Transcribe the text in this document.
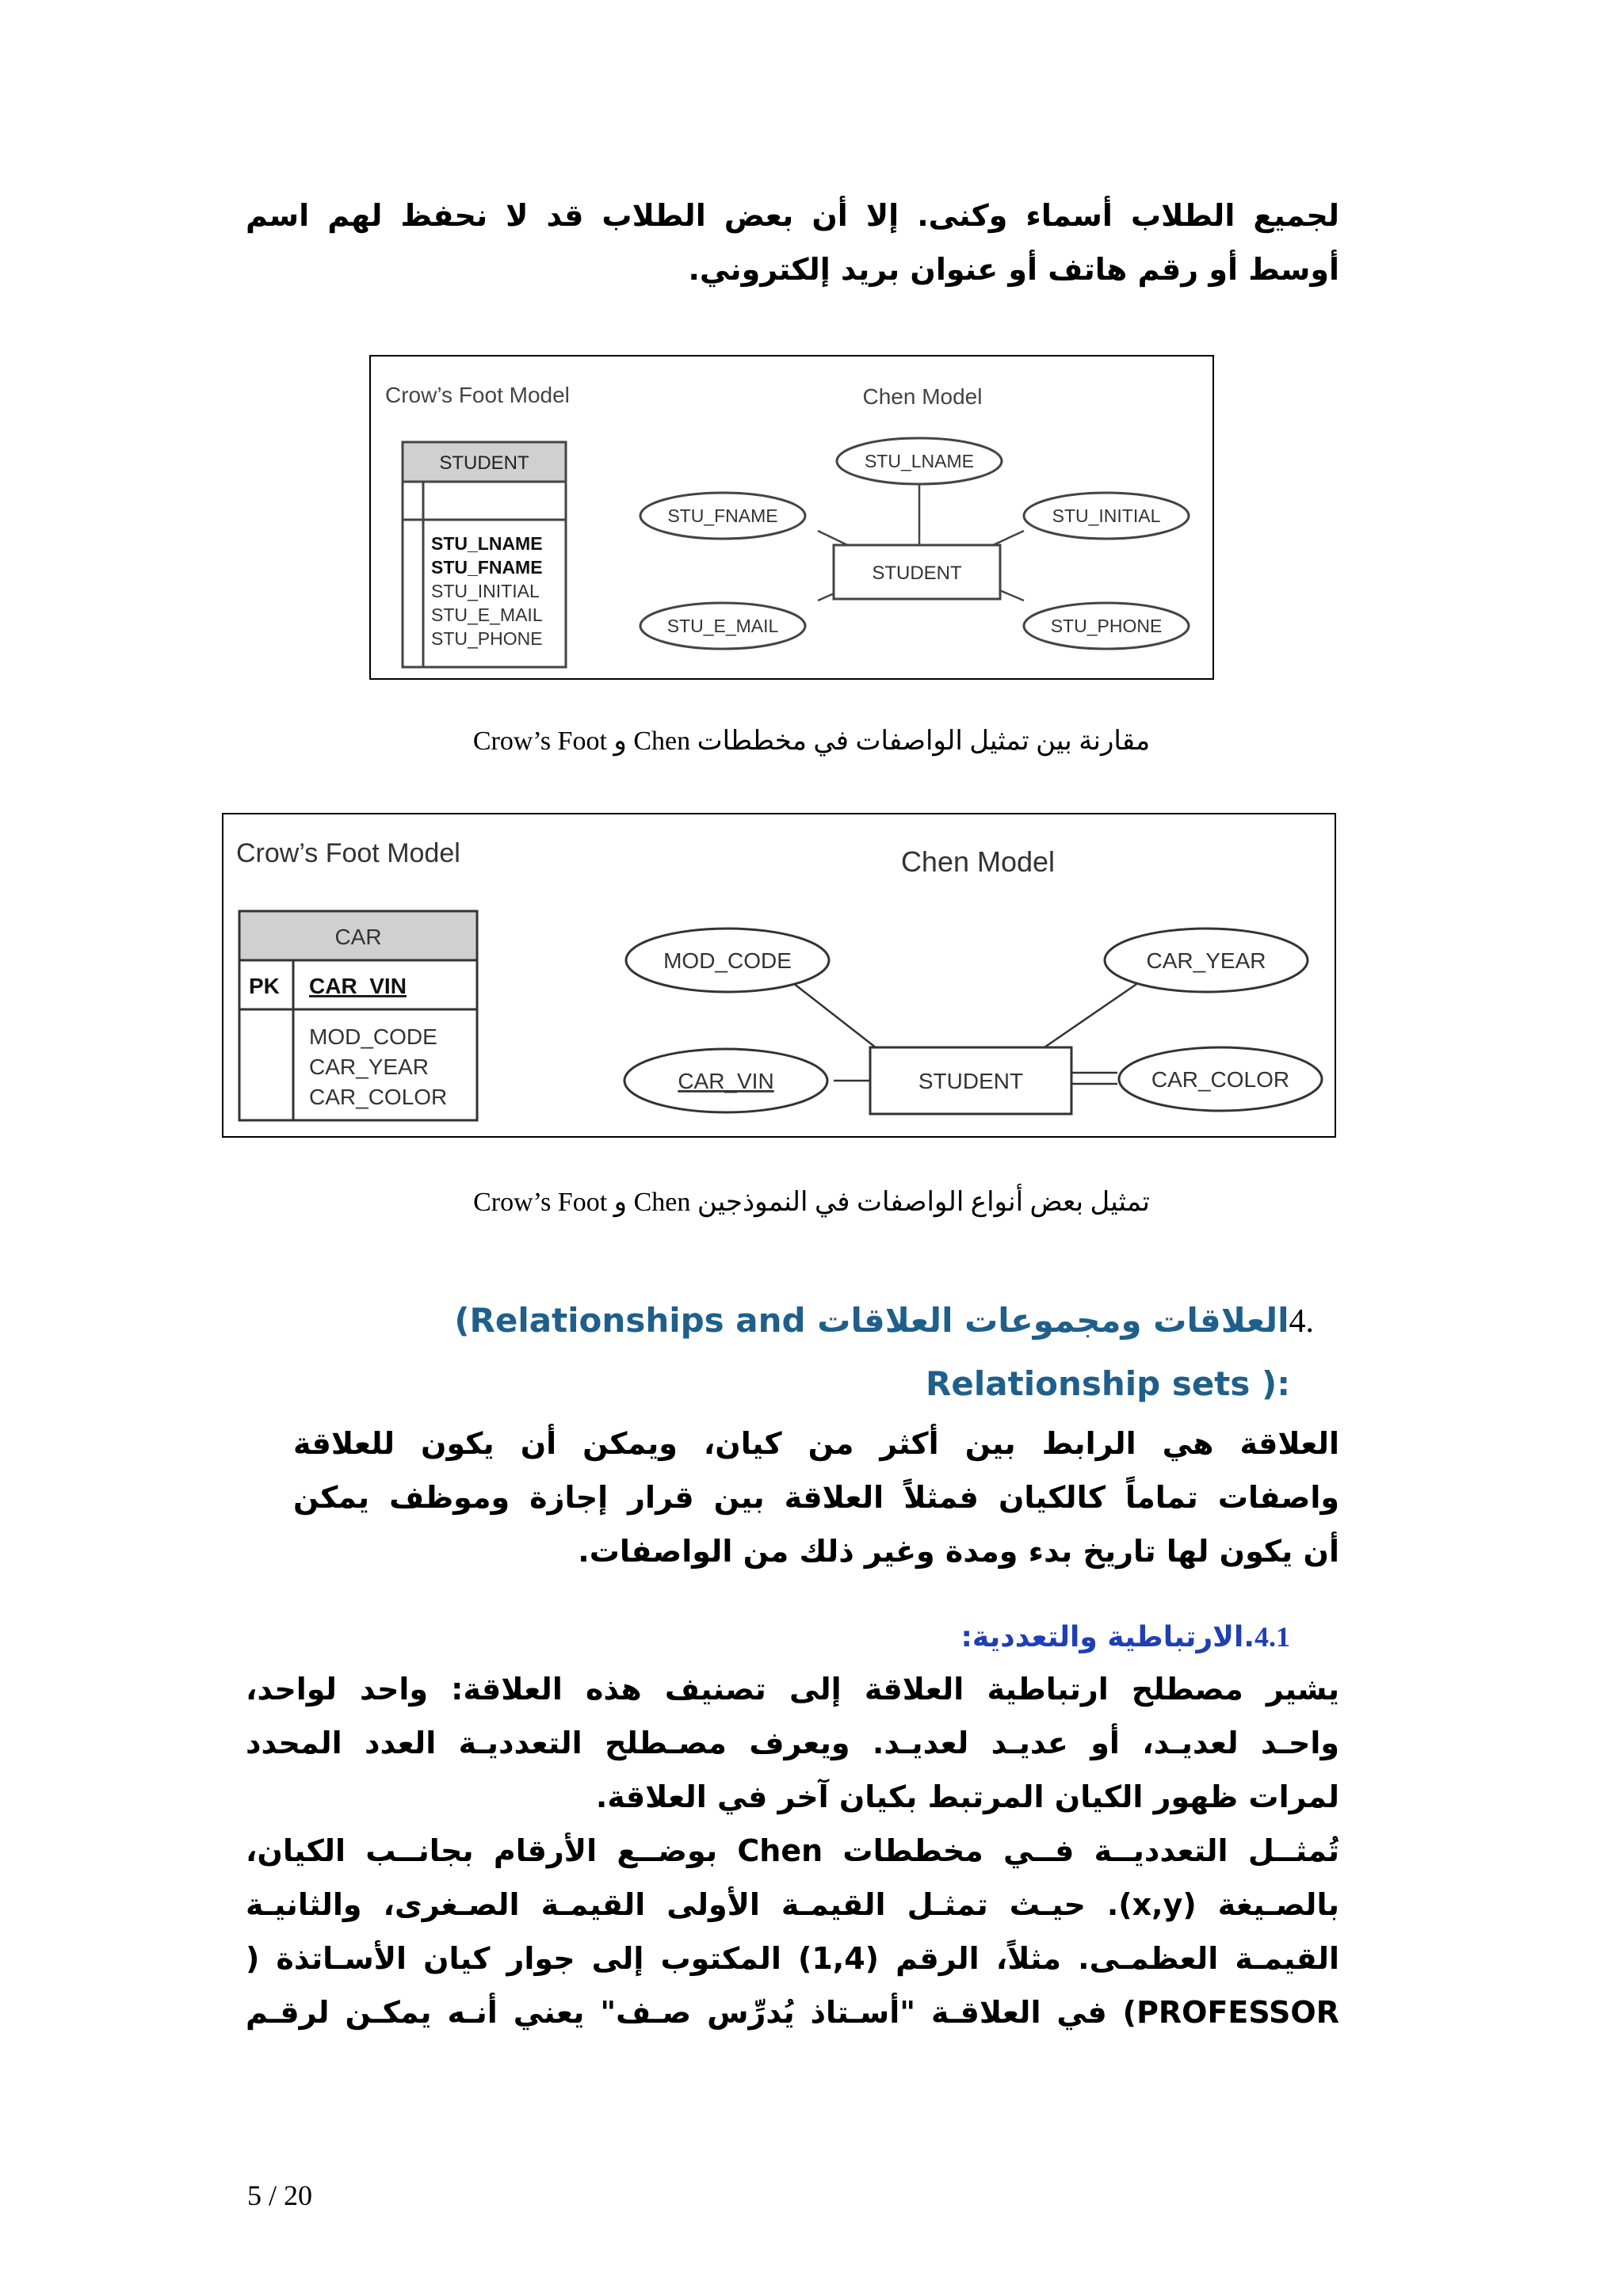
لجميع الطلاب أسماء وكنى. إلا أن بعض الطلاب قد لا نحفظ لهم اسم
أوسط أو رقم هاتف أو عنوان بريد إلكتروني.
Crow’s Foot Model	Chen Model
STUDENT
STU_LNAME
STU_FNAME
STU_INITIAL
STU_E_MAIL
STU_PHONE
STUDENT
STU_LNAME
STU_FNAME	STU_INITIAL
STU_E_MAIL	STU_PHONE
مقارنة بين تمثيل الواصفات في مخططات Chen و Crow’s Foot
Crow’s Foot Model	Chen Model
CAR
PK CAR_VIN
MOD_CODE
CAR_YEAR
CAR_COLOR
STUDENT
MOD_CODE	CAR_YEAR
CAR_VIN	CAR_COLOR
تمثيل بعض أنواع الواصفات في النموذجين Chen و Crow’s Foot
.4العلاقات ومجموعات العلاقات (Relationships and
Relationship sets ):
العلاقة هي الرابط بين أكثر من كيان، ويمكن أن يكون للعلاقة
واصفات تماماً كالكيان فمثلاً العلاقة بين قرار إجازة وموظف يمكن
أن يكون لها تاريخ بدء ومدة وغير ذلك من الواصفات.
4.1.الارتباطية والتعددية:
يشير مصطلح ارتباطية العلاقة إلى تصنيف هذه العلاقة: واحد لواحد،
واحـد لعديـد، أو عديـد لعديـد. ويعرف مصـطلح التعدديـة العدد المحدد
لمرات ظهور الكيان المرتبط بكيان آخر في العلاقة.
تُمثــل التعدديــة فــي مخططات Chen بوضــع الأرقام بجانــب الكيان،
بالصـيغة (x,y). حيـث تمثـل القيمـة الأولى القيمـة الصـغرى، والثانيـة
القيمـة العظمـى. مثلاً، الرقم (1,4) المكتوب إلى جوار كيان الأسـاتذة (
PROFESSOR) في العلاقـة "أسـتاذ يُدرِّس صـف" يعني أنـه يمكـن لرقـم
5 / 20
